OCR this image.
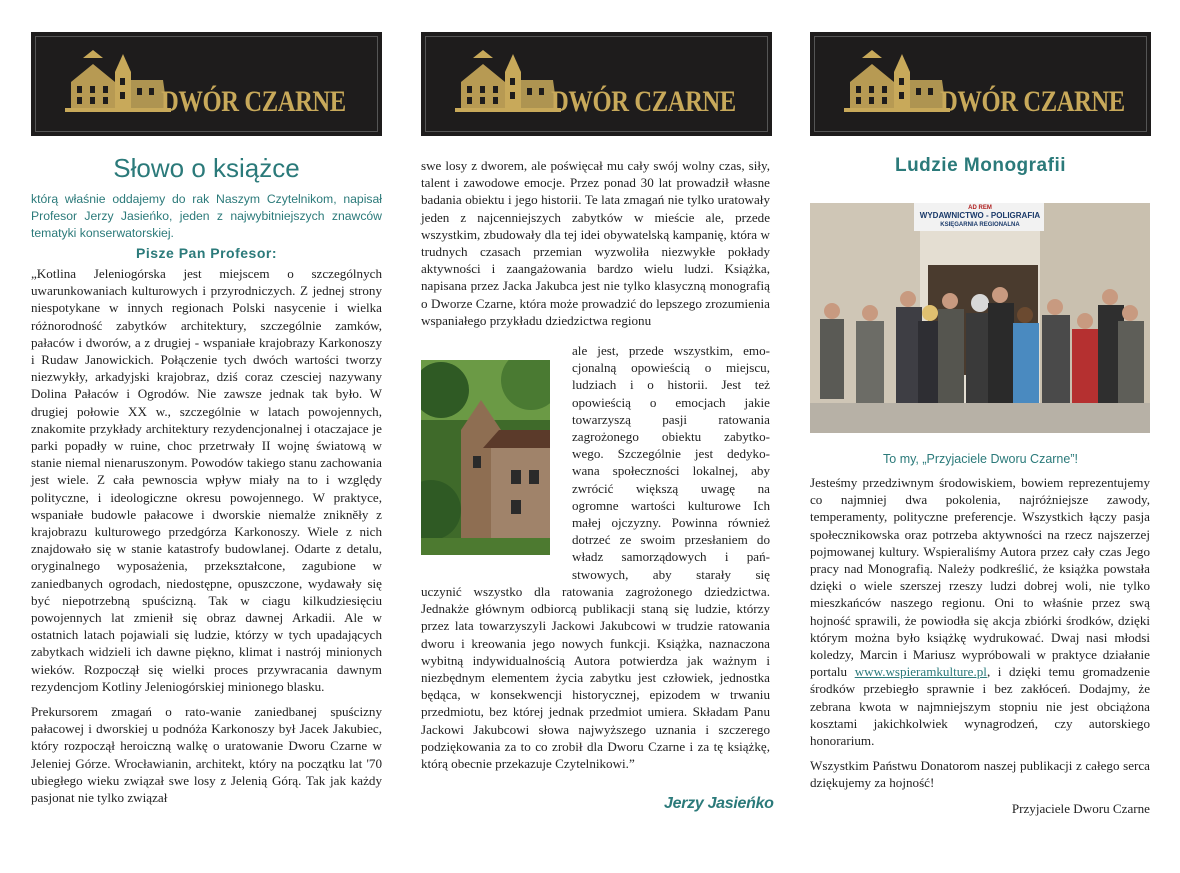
DWÓR CZARNE
Słowo o książce
którą właśnie oddajemy do rak Naszym Czytelnikom, napisał Profesor Jerzy Jasieńko, jeden z najwybitniejszych znawców tematyki konserwatorskiej.
Pisze Pan Profesor:

„Kotlina Jeleniogórska jest miejscem o szczególnych uwarunkowaniach kulturowych i przyrodniczych. Z jednej strony niespotykane w innych regionach Polski nasycenie i wielka różnorodność zabytków architektury, szczególnie zamków, pałaców i dworów, a z drugiej - wspaniałe krajobrazy Karkonoszy i Rudaw Janowickich. Połączenie tych dwóch wartości tworzy niezwykły, arkadyjski krajobraz, dziś coraz czesciej nazywany Dolina Pałaców i Ogrodów. Nie zawsze jednak tak było. W drugiej połowie XX w., szczególnie w latach powojennych, znakomite przykłady architektury rezydencjonalnej i otaczajace je parki popadły w ruine, choc przetrwały II wojnę światową w stanie niemal nienaruszonym. Powodów takiego stanu zachowania jest wiele. Z cała pewnoscia wpływ miały na to i względy polityczne, i ideologiczne okresu powojennego. W praktyce, wspaniałe budowle pałacowe i dworskie niemalże znikněły z krajobrazu kulturowego przedgórza Karkonoszy. Wiele z nich znajdowało się w stanie katastrofy budowlanej. Odarte z detalu, oryginalnego wyposażenia, przekształcone, zagubione w zaniedbanych ogrodach, niedostępne, opuszczone, wydawały się być niepotrzebną spuścizną. Tak w ciagu kilkudziesięciu powojennych lat zmienił się obraz dawnej Arkadii. Ale w ostatnich latach pojawiali się ludzie, którzy w tych upadających zabytkach widzieli ich dawne piękno, klimat i nastrój minionych wieków. Rozpoczął się wielki proces przywracania dawnym rezydencjom Kotliny Jeleniogórskiej minionego blasku.

Prekursorem zmagań o rato-wanie zaniedbanej spuścizny pałacowej i dworskiej u podnóża Karkonoszy był Jacek Jakubiec, który rozpoczął heroiczną walkę o uratowanie Dworu Czarne w Jeleniej Górze. Wrocławianin, architekt, który na początku lat '70 ubiegłego wieku związał swe losy z Jelenią Górą. Tak jak każdy pasjonat nie tylko związał

DWÓR CZARNE
swe losy z dworem, ale poświęcał mu cały swój wolny czas, siły, talent i zawodowe emocje. Przez ponad 30 lat prowadził własne badania obiektu i jego historii. Te lata zmagań nie tylko uratowały jeden z najcenniejszych zabytków w mieście ale, przede wszystkim, zbudowały dla tej idei obywatelską kampanię, która w trudnych czasach przemian wyzwoliła niezwykłe pokłady aktywności i zaangażowania bardzo wielu ludzi. Książka, napisana przez Jacka Jakubca jest nie tylko klasyczną monografią o Dworze Czarne, która może prowadzić do lepszego zrozumienia wspaniałego przykładu dziedzictwa regionu

ale jest, przede wszystkim, emo-

cjonalną opowieścią o miejscu,

ludziach i o historii. Jest też

opowieścią o emocjach jakie

towarzyszą pasji ratowania

zagrożonego obiektu zabytko-

wego. Szczególnie jest dedyko-

wana społeczności lokalnej, aby

zwrócić większą uwagę na

ogromne wartości kulturowe Ich

małej ojczyzny. Powinna również

dotrzeć ze swoim przesłaniem do

władz samorządowych i pań-

stwowych, aby starały się

uczynić wszystko dla ratowania zagrożonego dziedzictwa. Jednakże głównym odbiorcą publikacji staną się ludzie, którzy przez lata towarzyszyli Jackowi Jakubcowi w trudzie ratowania dworu i kreowania jego nowych funkcji. Książka, naznaczona wybitną indywidualnością Autora potwierdza jak ważnym i niezbędnym elementem życia zabytku jest człowiek, jednostka będąca, w konsekwencji historycznej, epizodem w trwaniu przedmiotu, bez której jednak przedmiot umiera. Składam Panu Jackowi Jakubcowi słowa najwyższego uznania i szczerego podziękowania za to co zrobił dla Dworu Czarne i za tę książkę, którą obecnie przekazuje Czytelnikowi.”
Jerzy Jasieńko
DWÓR CZARNE
Ludzie Monografii
AD REM
WYDAWNICTWO - POLIGRAFIA
KSIĘGARNIA REGIONALNA
To my, „Przyjaciele Dworu Czarne”!

Jesteśmy przedziwnym środowiskiem, bowiem reprezentujemy co najmniej dwa pokolenia, najróżniejsze zawody, temperamenty, polityczne preferencje. Wszystkich łączy pasja społecznikowska oraz potrzeba aktywności na rzecz najszerzej pojmowanej kultury. Wspieraliśmy Autora przez cały czas Jego pracy nad Monografią. Należy podkreślić, że książka powstała dzięki o wiele szerszej rzeszy ludzi dobrej woli, nie tylko mieszkańców naszego regionu. Oni to właśnie przez swą hojność sprawili, że powiodła się akcja zbiórki środków, dzięki którym można było książkę wydrukować. Dwaj nasi młodsi koledzy, Marcin i Mariusz wypróbowali w praktyce działanie portalu www.wspieramkulture.pl, i dzięki temu gromadzenie środków przebiegło sprawnie i bez zakłóceń. Dodajmy, że zebrana kwota w najmniejszym stopniu nie jest obciążona kosztami jakichkolwiek wynagrodzeń, czy autorskiego honorarium.

Wszystkim Państwu Donatorom naszej publikacji z całego serca dziękujemy za hojność!

Przyjaciele Dworu Czarne
